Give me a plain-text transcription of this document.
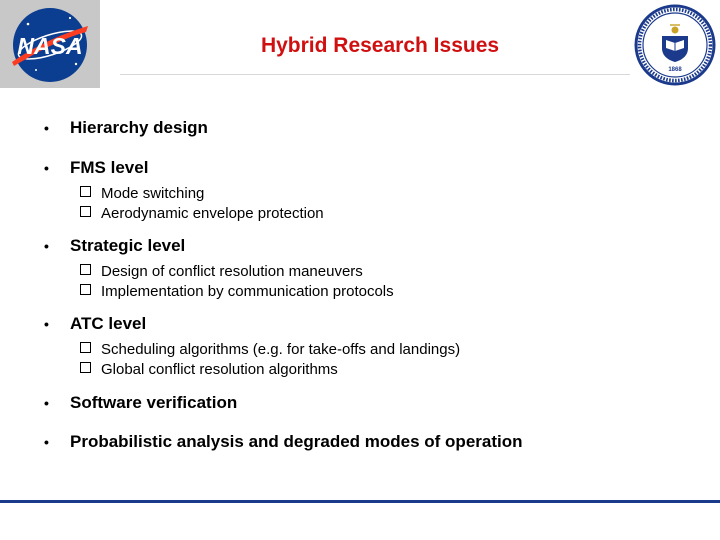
NASA	Hybrid Research Issues
1868
• Hierarchy design
• FMS level
Mode switching
Aerodynamic envelope protection
• Strategic level
Design of conflict resolution maneuvers
Implementation by communication protocols
• ATC level
Scheduling algorithms (e.g. for take-offs and landings)
Global conflict resolution algorithms
• Software verification
• Probabilistic analysis and degraded modes of operation
